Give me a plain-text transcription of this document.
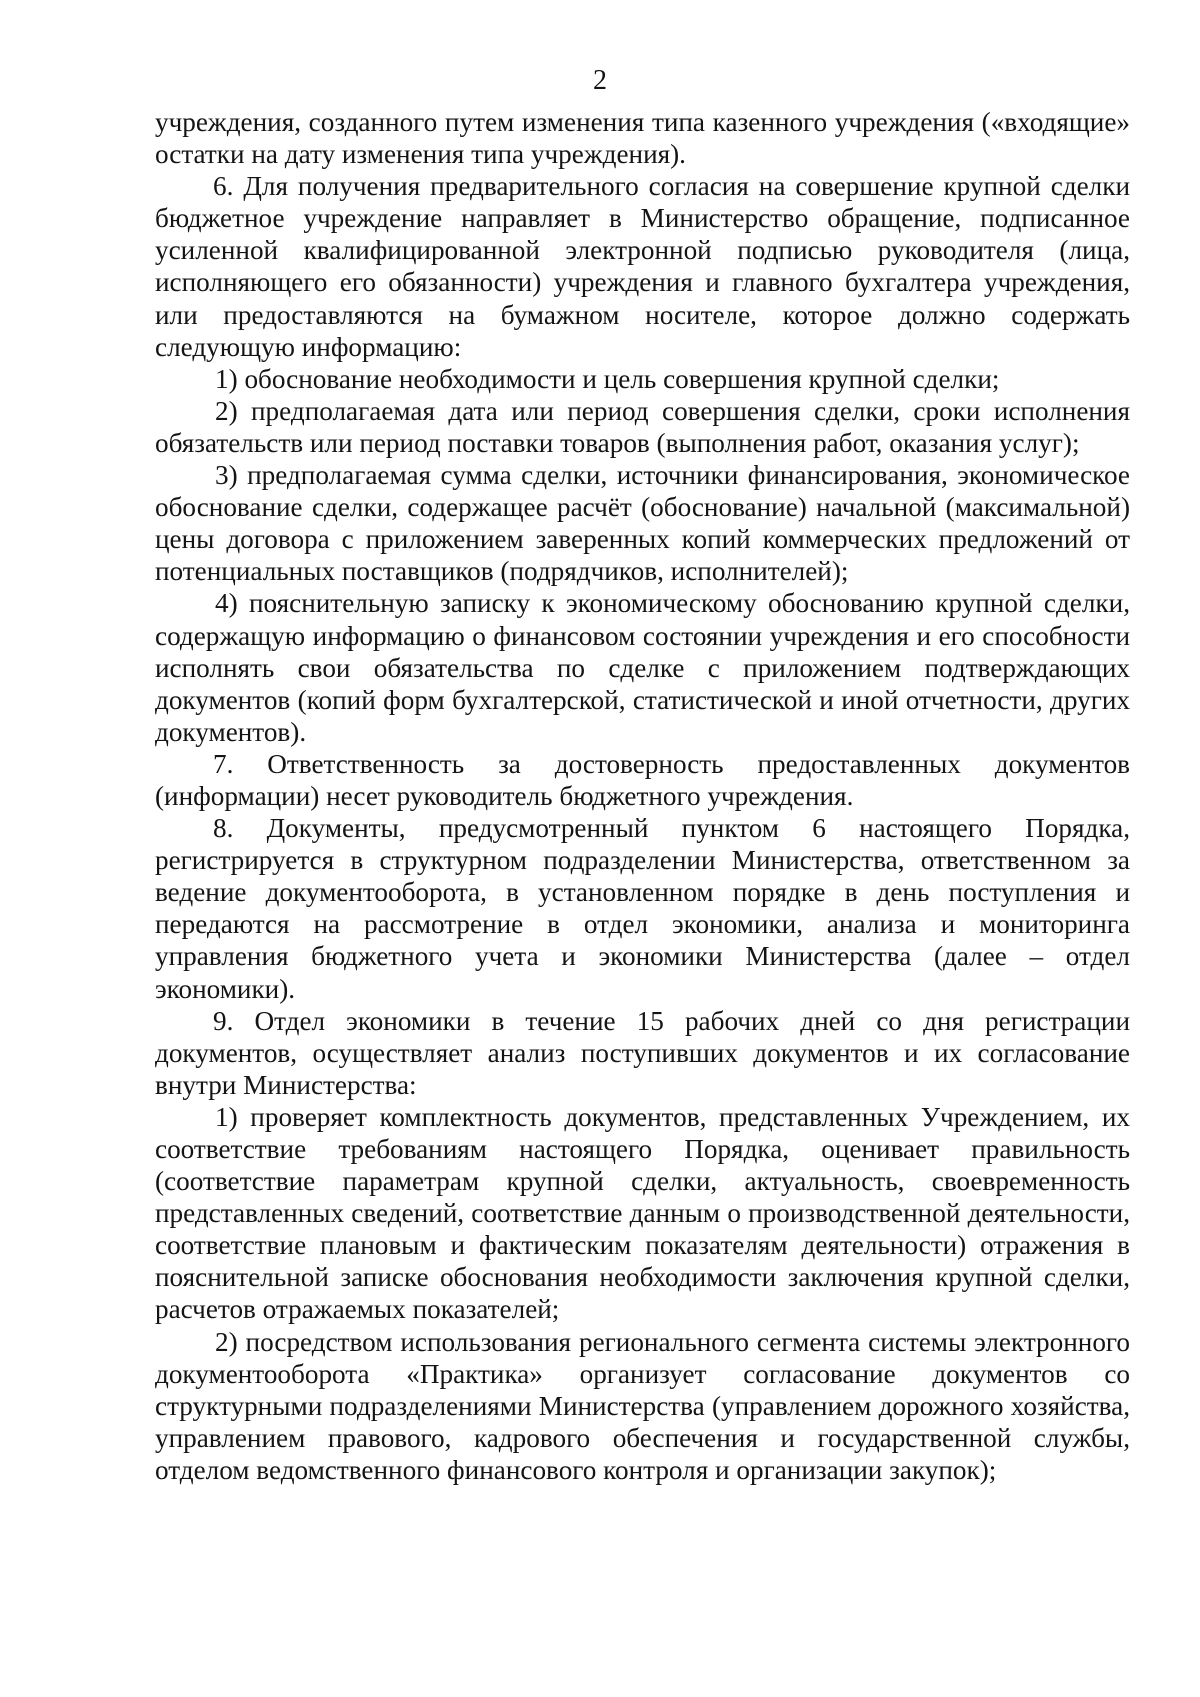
2

учреждения, созданного путем изменения типа казенного учреждения («входящие» остатки на дату изменения типа учреждения).

6. Для получения предварительного согласия на совершение крупной сделки бюджетное учреждение направляет в Министерство обращение, подписанное усиленной квалифицированной электронной подписью руководителя (лица, исполняющего его обязанности) учреждения и главного бухгалтера учреждения, или предоставляются на бумажном носителе, которое должно содержать следующую информацию:

1) обоснование необходимости и цель совершения крупной сделки;

2) предполагаемая дата или период совершения сделки, сроки исполнения обязательств или период поставки товаров (выполнения работ, оказания услуг);

3) предполагаемая сумма сделки, источники финансирования, экономическое обоснование сделки, содержащее расчёт (обоснование) начальной (максимальной) цены договора с приложением заверенных копий коммерческих предложений от потенциальных поставщиков (подрядчиков, исполнителей);

4) пояснительную записку к экономическому обоснованию крупной сделки, содержащую информацию о финансовом состоянии учреждения и его способности исполнять свои обязательства по сделке с приложением подтверждающих документов (копий форм бухгалтерской, статистической и иной отчетности, других документов).

7. Ответственность за достоверность предоставленных документов (информации) несет руководитель бюджетного учреждения.

8. Документы, предусмотренный пунктом 6 настоящего Порядка, регистрируется в структурном подразделении Министерства, ответственном за ведение документооборота, в установленном порядке в день поступления и передаются на рассмотрение в отдел экономики, анализа и мониторинга управления бюджетного учета и экономики Министерства (далее – отдел экономики).

9. Отдел экономики в течение 15 рабочих дней со дня регистрации документов, осуществляет анализ поступивших документов и их согласование внутри Министерства:

1) проверяет комплектность документов, представленных Учреждением, их соответствие требованиям настоящего Порядка, оценивает правильность (соответствие параметрам крупной сделки, актуальность, своевременность представленных сведений, соответствие данным о производственной деятельности, соответствие плановым и фактическим показателям деятельности) отражения в пояснительной записке обоснования необходимости заключения крупной сделки, расчетов отражаемых показателей;

2) посредством использования регионального сегмента системы электронного документооборота «Практика» организует согласование документов со структурными подразделениями Министерства (управлением дорожного хозяйства, управлением правового, кадрового обеспечения и государственной службы, отделом ведомственного финансового контроля и организации закупок);
